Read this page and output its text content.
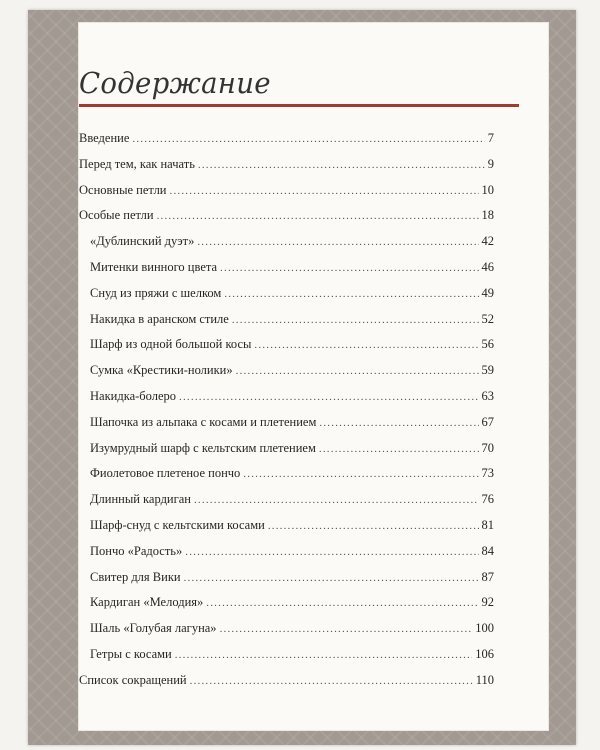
Содержание
Введение .....	7
Перед тем, как начать .....	9
Основные петли .....	10
Особые петли .....	18
«Дублинский дуэт» .....	42
Митенки винного цвета .....	46
Снуд из пряжи с шелком .....	49
Накидка в аранском стиле .....	52
Шарф из одной большой косы .....	56
Сумка «Крестики-нолики» .....	59
Накидка-болеро .....	63
Шапочка из альпака с косами и плетением .....	67
Изумрудный шарф с кельтским плетением .....	70
Фиолетовое плетеное пончо .....	73
Длинный кардиган .....	76
Шарф-снуд с кельтскими косами .....	81
Пончо «Радость» .....	84
Свитер для Вики .....	87
Кардиган «Мелодия» .....	92
Шаль «Голубая лагуна» .....	100
Гетры с косами .....	106
Список сокращений .....	110
